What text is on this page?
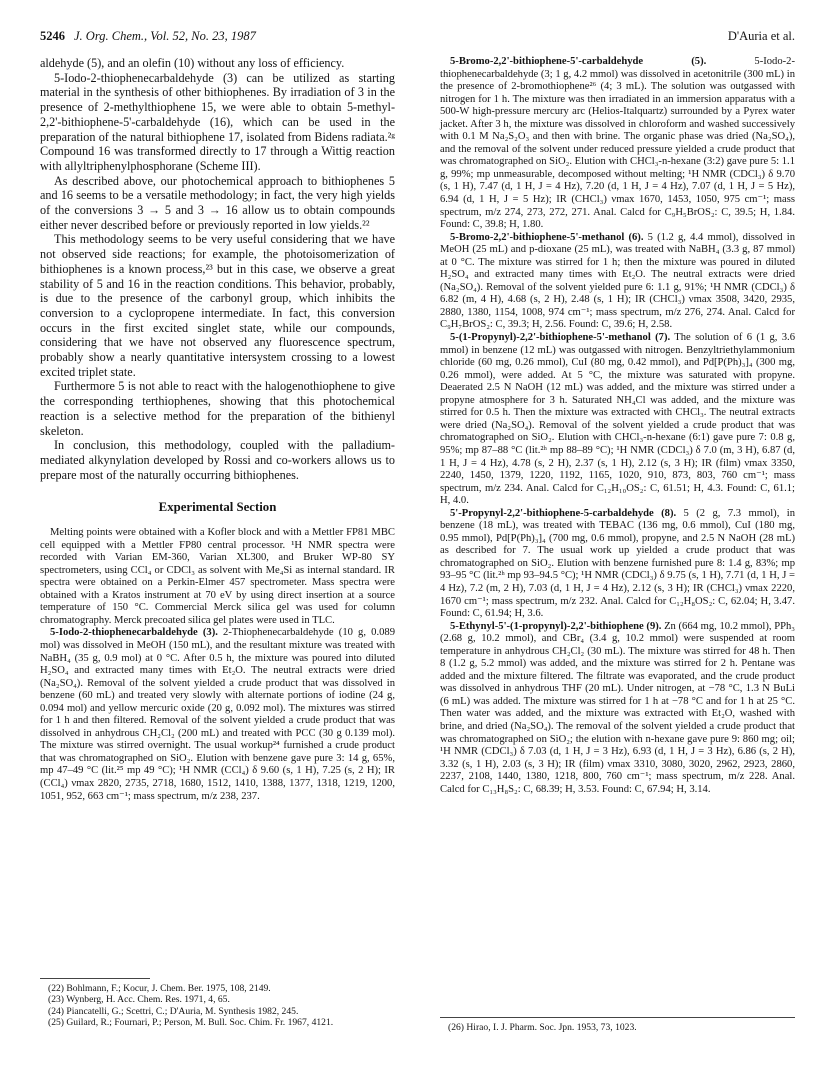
5246 J. Org. Chem., Vol. 52, No. 23, 1987	D'Auria et al.

aldehyde (5), and an olefin (10) without any loss of efficiency.

5-Iodo-2-thiophenecarbaldehyde (3) can be utilized as starting material in the synthesis of other bithiophenes. By irradiation of 3 in the presence of 2-methylthiophene 15, we were able to obtain 5-methyl-2,2'-bithiophene-5'-carbaldehyde (16), which can be used in the preparation of the natural bithiophene 17, isolated from Bidens radiata.²ᵍ Compound 16 was transformed directly to 17 through a Wittig reaction with allyltriphenylphosphorane (Scheme III).

As described above, our photochemical approach to bithiophenes 5 and 16 seems to be a versatile methodology; in fact, the very high yields of the conversions 3 → 5 and 3 → 16 allow us to obtain compounds either never described before or previously reported in low yields.²²

This methodology seems to be very useful considering that we have not observed side reactions; for example, the photoisomerization of bithiophenes is a known process,²³ but in this case, we observe a great stability of 5 and 16 in the reaction conditions. This behavior, probably, is due to the presence of the carbonyl group, which inhibits the conversion to a cyclopropene intermediate. In fact, this conversion occurs in the first excited singlet state, while our compounds, considering that we have not observed any fluorescence spectrum, probably show a nearly quantitative intersystem crossing to a lowest excited triplet state.

Furthermore 5 is not able to react with the halogenothiophene to give the corresponding terthiophenes, showing that this photochemical reaction is a selective method for the preparation of the bithienyl skeleton.

In conclusion, this methodology, coupled with the palladium-mediated alkynylation developed by Rossi and co-workers allows us to prepare most of the naturally occurring bithiophenes.

Experimental Section

Melting points were obtained with a Kofler block and with a Mettler FP81 MBC cell equipped with a Mettler FP80 central processor. ¹H NMR spectra were recorded with Varian EM-360, Varian XL300, and Bruker WP-80 SY spectrometers, using CCl₄ or CDCl₃ as solvent with Me₄Si as internal standard. IR spectra were obtained on a Perkin-Elmer 457 spectrometer. Mass spectra were obtained with a Kratos instrument at 70 eV by using direct insertion at a source temperature of 150 °C. Commercial Merck silica gel was used for column chromatography. Merck precoated silica gel plates were used in TLC.

5-Iodo-2-thiophenecarbaldehyde (3). 2-Thiophenecarbaldehyde (10 g, 0.089 mol) was dissolved in MeOH (150 mL), and the resultant mixture was treated with NaBH₄ (35 g, 0.9 mol) at 0 °C. After 0.5 h, the mixture was poured into diluted H₂SO₄ and extracted many times with Et₂O. The neutral extracts were dried (Na₂SO₄). Removal of the solvent yielded a crude product that was dissolved in benzene (60 mL) and treated very slowly with alternate portions of iodine (24 g, 0.094 mol) and yellow mercuric oxide (20 g, 0.092 mol). The mixtures was stirred for 1 h and then filtered. Removal of the solvent yielded a crude product that was dissolved in anhydrous CH₂Cl₂ (200 mL) and treated with PCC (30 g 0.139 mol). The mixture was stirred overnight. The usual workup²⁴ furnished a crude product that was chromatographed on SiO₂. Elution with benzene gave pure 3: 14 g, 65%, mp 47–49 °C (lit.²⁵ mp 49 °C); ¹H NMR (CCl₄) δ 9.60 (s, 1 H), 7.25 (s, 2 H); IR (CCl₄) νmax 2820, 2735, 2718, 1680, 1512, 1410, 1388, 1377, 1318, 1219, 1200, 1051, 952, 663 cm⁻¹; mass spectrum, m/z 238, 237.

(22) Bohlmann, F.; Kocur, J. Chem. Ber. 1975, 108, 2149.

(23) Wynberg, H. Acc. Chem. Res. 1971, 4, 65.

(24) Piancatelli, G.; Scettri, C.; D'Auria, M. Synthesis 1982, 245.

(25) Guilard, R.; Fournari, P.; Person, M. Bull. Soc. Chim. Fr. 1967, 4121.

5-Bromo-2,2'-bithiophene-5'-carbaldehyde (5). 5-Iodo-2-thiophenecarbaldehyde (3; 1 g, 4.2 mmol) was dissolved in acetonitrile (300 mL) in the presence of 2-bromothiophene²⁶ (4; 3 mL). The solution was outgassed with nitrogen for 1 h. The mixture was then irradiated in an immersion apparatus with a 500-W high-pressure mercury arc (Helios-Italquartz) surrounded by a Pyrex water jacket. After 3 h, the mixture was dissolved in chloroform and washed successively with 0.1 M Na₂S₂O₃ and then with brine. The organic phase was dried (Na₂SO₄), and the removal of the solvent under reduced pressure yielded a crude product that was chromatographed on SiO₂. Elution with CHCl₃-n-hexane (3:2) gave pure 5: 1.1 g, 99%; mp unmeasurable, decomposed without melting; ¹H NMR (CDCl₃) δ 9.70 (s, 1 H), 7.47 (d, 1 H, J = 4 Hz), 7.20 (d, 1 H, J = 4 Hz), 7.07 (d, 1 H, J = 5 Hz), 6.94 (d, 1 H, J = 5 Hz); IR (CHCl₃) νmax 1670, 1453, 1050, 975 cm⁻¹; mass spectrum, m/z 274, 273, 272, 271. Anal. Calcd for C₉H₅BrOS₂: C, 39.5; H, 1.84. Found: C, 39.8; H, 1.80.

5-Bromo-2,2'-bithiophene-5'-methanol (6). 5 (1.2 g, 4.4 mmol), dissolved in MeOH (25 mL) and p-dioxane (25 mL), was treated with NaBH₄ (3.3 g, 87 mmol) at 0 °C. The mixture was stirred for 1 h; then the mixture was poured in diluted H₂SO₄ and extracted many times with Et₂O. The neutral extracts were dried (Na₂SO₄). Removal of the solvent yielded pure 6: 1.1 g, 91%; ¹H NMR (CDCl₃) δ 6.82 (m, 4 H), 4.68 (s, 2 H), 2.48 (s, 1 H); IR (CHCl₃) νmax 3508, 3420, 2935, 2880, 1380, 1154, 1008, 974 cm⁻¹; mass spectrum, m/z 276, 274. Anal. Calcd for C₉H₇BrOS₂: C, 39.3; H, 2.56. Found: C, 39.6; H, 2.58.

5-(1-Propynyl)-2,2'-bithiophene-5'-methanol (7). The solution of 6 (1 g, 3.6 mmol) in benzene (12 mL) was outgassed with nitrogen. Benzyltriethylammonium chloride (60 mg, 0.26 mmol), CuI (80 mg, 0.42 mmol), and Pd[P(Ph)₃]₄ (300 mg, 0.26 mmol), were added. At 5 °C, the mixture was saturated with propyne. Deaerated 2.5 N NaOH (12 mL) was added, and the mixture was stirred under a propyne atmosphere for 3 h. Saturated NH₄Cl was added, and the mixture was stirred for 0.5 h. Then the mixture was extracted with CHCl₃. The neutral extracts were dried (Na₂SO₄). Removal of the solvent yielded a crude product that was chromatographed on SiO₂. Elution with CHCl₃-n-hexane (6:1) gave pure 7: 0.8 g, 95%; mp 87–88 °C (lit.²ʰ mp 88–89 °C); ¹H NMR (CDCl₃) δ 7.0 (m, 3 H), 6.87 (d, 1 H, J = 4 Hz), 4.78 (s, 2 H), 2.37 (s, 1 H), 2.12 (s, 3 H); IR (film) νmax 3350, 2240, 1450, 1379, 1220, 1192, 1165, 1020, 910, 873, 803, 760 cm⁻¹; mass spectrum, m/z 234. Anal. Calcd for C₁₂H₁₀OS₂: C, 61.51; H, 4.3. Found: C, 61.1; H, 4.0.

5'-Propynyl-2,2'-bithiophene-5-carbaldehyde (8). 5 (2 g, 7.3 mmol), in benzene (18 mL), was treated with TEBAC (136 mg, 0.6 mmol), CuI (180 mg, 0.95 mmol), Pd[P(Ph)₃]₄ (700 mg, 0.6 mmol), propyne, and 2.5 N NaOH (28 mL) as described for 7. The usual work up yielded a crude product that was chromatographed on SiO₂. Elution with benzene furnished pure 8: 1.4 g, 83%; mp 93–95 °C (lit.²ʰ mp 93–94.5 °C); ¹H NMR (CDCl₃) δ 9.75 (s, 1 H), 7.71 (d, 1 H, J = 4 Hz), 7.2 (m, 2 H), 7.03 (d, 1 H, J = 4 Hz), 2.12 (s, 3 H); IR (CHCl₃) νmax 2220, 1670 cm⁻¹; mass spectrum, m/z 232. Anal. Calcd for C₁₂H₈OS₂: C, 62.04; H, 3.47. Found: C, 61.94; H, 3.6.

5-Ethynyl-5'-(1-propynyl)-2,2'-bithiophene (9). Zn (664 mg, 10.2 mmol), PPh₃ (2.68 g, 10.2 mmol), and CBr₄ (3.4 g, 10.2 mmol) were suspended at room temperature in anhydrous CH₂Cl₂ (30 mL). The mixture was stirred for 48 h. Then 8 (1.2 g, 5.2 mmol) was added, and the mixture was stirred for 2 h. Pentane was added and the mixture filtered. The filtrate was evaporated, and the crude product was dissolved in anhydrous THF (20 mL). Under nitrogen, at −78 °C, 1.3 N BuLi (6 mL) was added. The mixture was stirred for 1 h at −78 °C and for 1 h at 25 °C. Then water was added, and the mixture was extracted with Et₂O, washed with brine, and dried (Na₂SO₄). The removal of the solvent yielded a crude product that was chromatographed on SiO₂; the elution with n-hexane gave pure 9: 860 mg; oil; ¹H NMR (CDCl₃) δ 7.03 (d, 1 H, J = 3 Hz), 6.93 (d, 1 H, J = 3 Hz), 6.86 (s, 2 H), 3.32 (s, 1 H), 2.03 (s, 3 H); IR (film) νmax 3310, 3080, 3020, 2962, 2923, 2860, 2237, 2108, 1440, 1380, 1218, 800, 760 cm⁻¹; mass spectrum, m/z 228. Anal. Calcd for C₁₃H₈S₂: C, 68.39; H, 3.53. Found: C, 67.94; H, 3.14.

(26) Hirao, I. J. Pharm. Soc. Jpn. 1953, 73, 1023.
